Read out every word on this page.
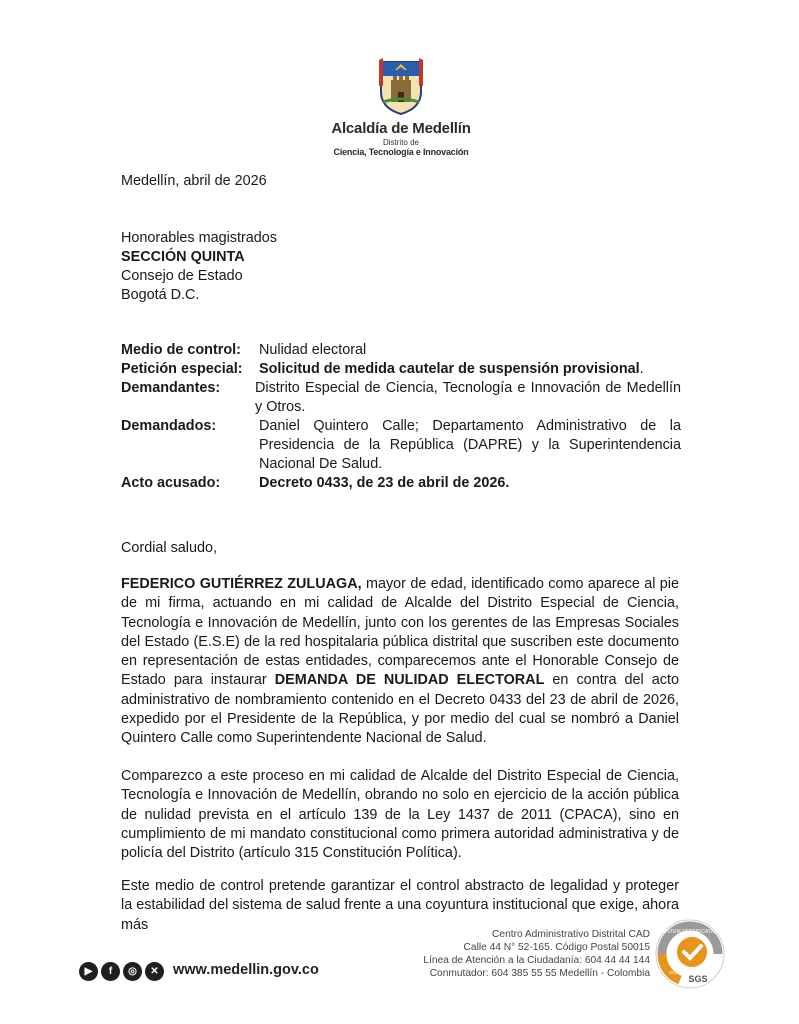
Alcaldía de Medellín
Distrito de
Ciencia, Tecnología e Innovación
Medellín, abril de 2026
Honorables magistrados
SECCIÓN QUINTA
Consejo de Estado
Bogotá D.C.
Medio de control: Nulidad electoral
Petición especial: Solicitud de medida cautelar de suspensión provisional.
Demandantes: Distrito Especial de Ciencia, Tecnología e Innovación de Medellín y Otros.
Demandados:	Daniel Quintero Calle; Departamento Administrativo de la Presidencia de la República (DAPRE) y la Superintendencia Nacional De Salud.
Acto acusado:	Decreto 0433, de 23 de abril de 2026.
Cordial saludo,
FEDERICO GUTIÉRREZ ZULUAGA, mayor de edad, identificado como aparece al pie de mi firma, actuando en mi calidad de Alcalde del Distrito Especial de Ciencia, Tecnología e Innovación de Medellín, junto con los gerentes de las Empresas Sociales del Estado (E.S.E) de la red hospitalaria pública distrital que suscriben este documento en representación de estas entidades, comparecemos ante el Honorable Consejo de Estado para instaurar DEMANDA DE NULIDAD ELECTORAL en contra del acto administrativo de nombramiento contenido en el Decreto 0433 del 23 de abril de 2026, expedido por el Presidente de la República, y por medio del cual se nombró a Daniel Quintero Calle como Superintendente Nacional de Salud.
Comparezco a este proceso en mi calidad de Alcalde del Distrito Especial de Ciencia, Tecnología e Innovación de Medellín, obrando no solo en ejercicio de la acción pública de nulidad prevista en el artículo 139 de la Ley 1437 de 2011 (CPACA), sino en cumplimiento de mi mandato constitucional como primera autoridad administrativa y de policía del Distrito (artículo 315 Constitución Política).
Este medio de control pretende garantizar el control abstracto de legalidad y proteger la estabilidad del sistema de salud frente a una coyuntura institucional que exige, ahora más
▶	f	◎	✕ www.medellin.gov.co
Centro Administrativo Distrital CAD
Calle 44 N° 52-165. Código Postal 50015
Línea de Atención a la Ciudadanía: 604 44 44 144
Conmutador: 604 385 55 55 Medellín - Colombia
SYSTEM CERTIFICATION
ISO 9001
SGS
